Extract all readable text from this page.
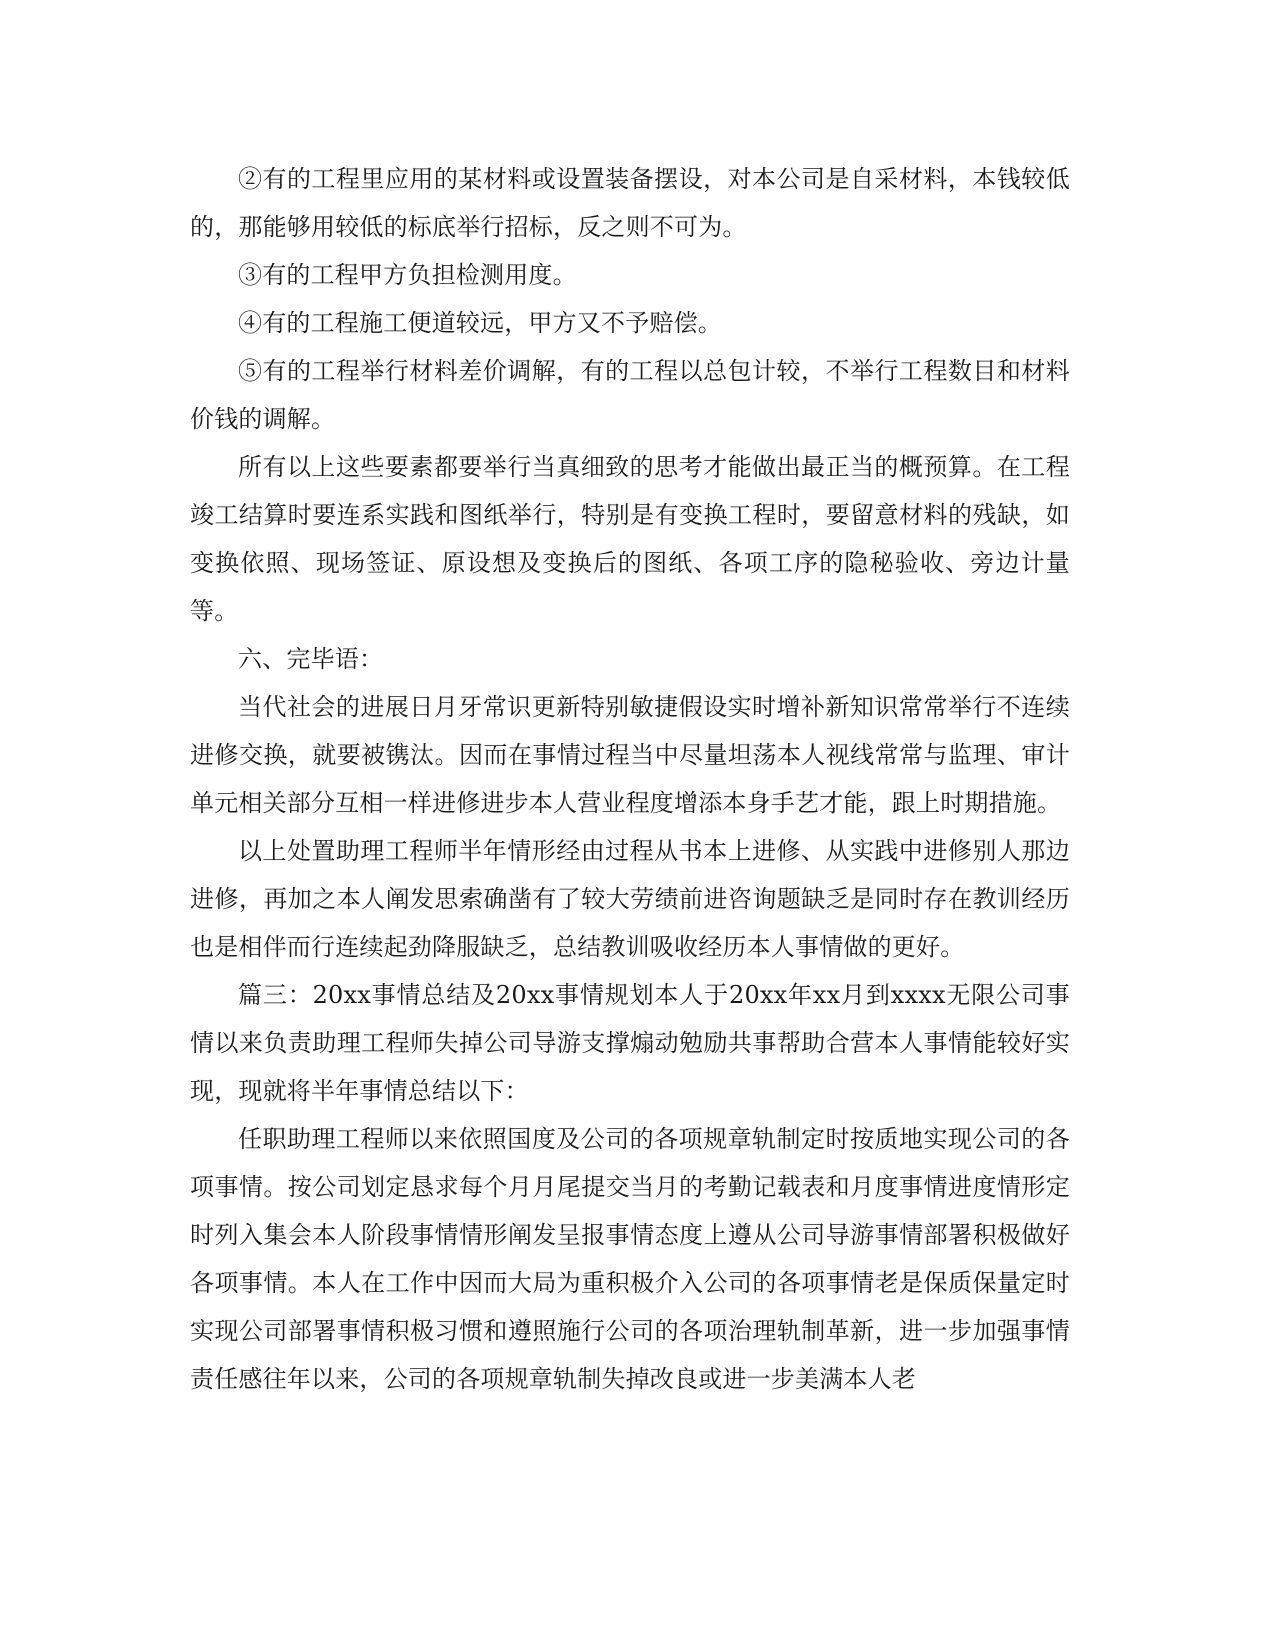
②有的工程里应用的某材料或设置装备摆设，对本公司是自采材料，本钱较低的，那能够用较低的标底举行招标，反之则不可为。

③有的工程甲方负担检测用度。

④有的工程施工便道较远，甲方又不予赔偿。

⑤有的工程举行材料差价调解，有的工程以总包计较，不举行工程数目和材料价钱的调解。

所有以上这些要素都要举行当真细致的思考才能做出最正当的概预算。在工程竣工结算时要连系实践和图纸举行，特别是有变换工程时，要留意材料的残缺，如变换依照、现场签证、原设想及变换后的图纸、各项工序的隐秘验收、旁边计量等。

六、完毕语：

当代社会的进展日月牙常识更新特别敏捷假设实时增补新知识常常举行不连续进修交换，就要被镌汰。因而在事情过程当中尽量坦荡本人视线常常与监理、审计单元相关部分互相一样进修进步本人营业程度增添本身手艺才能，跟上时期措施。

以上处置助理工程师半年情形经由过程从书本上进修、从实践中进修别人那边进修，再加之本人阐发思索确凿有了较大劳绩前进咨询题缺乏是同时存在教训经历也是相伴而行连续起劲降服缺乏，总结教训吸收经历本人事情做的更好。

篇三：20xx事情总结及20xx事情规划本人于20xx年xx月到xxxx无限公司事情以来负责助理工程师失掉公司导游支撑煽动勉励共事帮助合营本人事情能较好实现，现就将半年事情总结以下：

任职助理工程师以来依照国度及公司的各项规章轨制定时按质地实现公司的各项事情。按公司划定恳求每个月月尾提交当月的考勤记载表和月度事情进度情形定时列入集会本人阶段事情情形阐发呈报事情态度上遵从公司导游事情部署积极做好各项事情。本人在工作中因而大局为重积极介入公司的各项事情老是保质保量定时实现公司部署事情积极习惯和遵照施行公司的各项治理轨制革新，进一步加强事情责任感往年以来，公司的各项规章轨制失掉改良或进一步美满本人老
